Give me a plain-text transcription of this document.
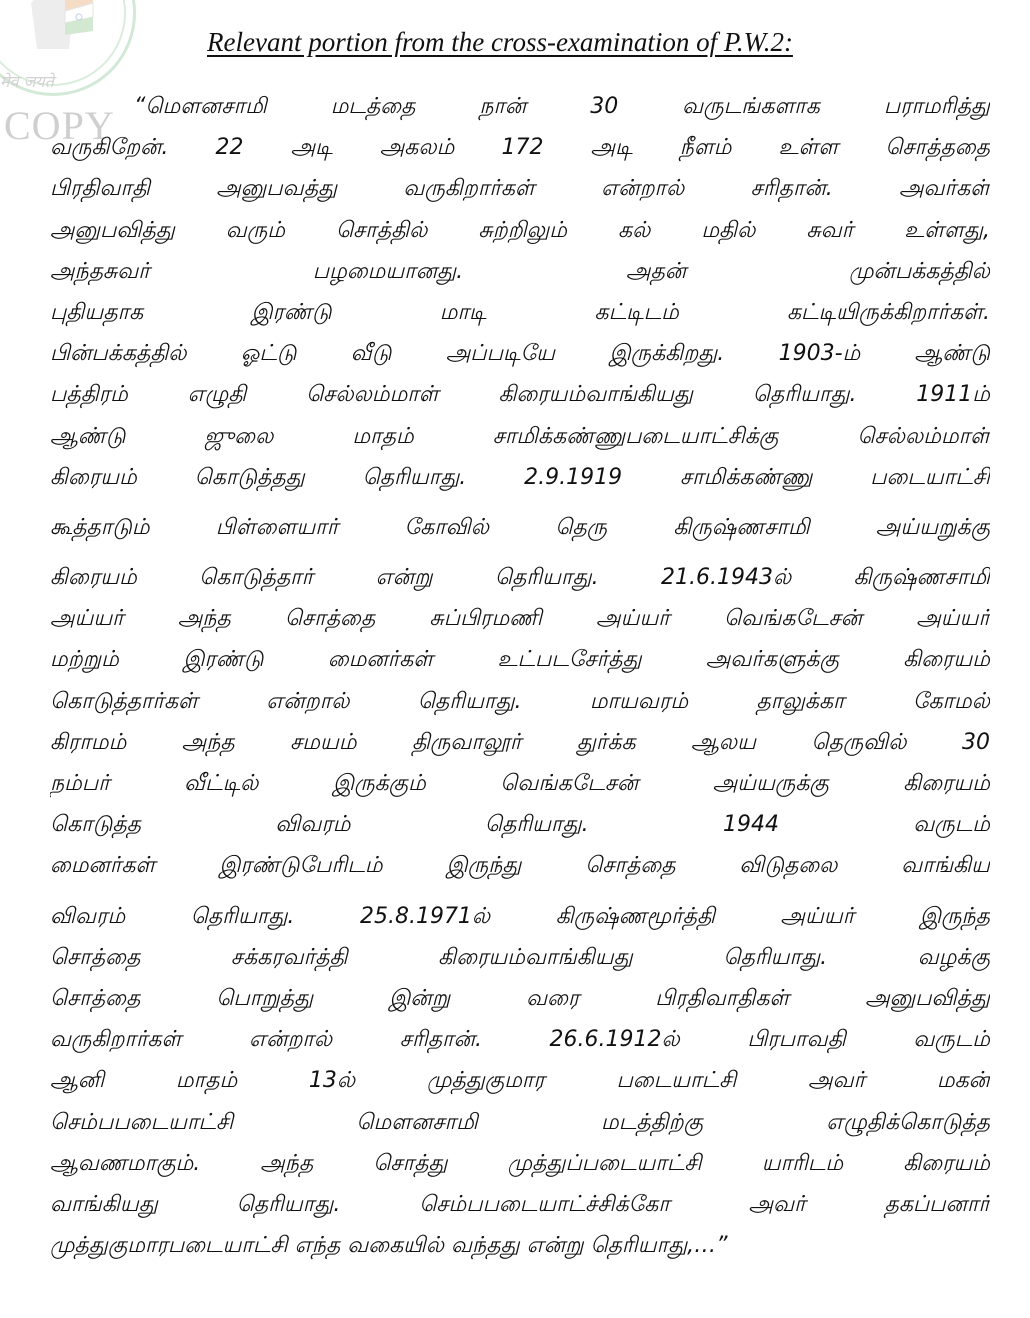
मेव जयते
COPY
Relevant portion from the cross-examination of P.W.2:
“மௌனசாமி மடத்தை நான் 30 வருடங்களாக பராமரித்து
வருகிறேன். 22 அடி அகலம் 172 அடி நீளம் உள்ள சொத்ததை
பிரதிவாதி அனுபவத்து வருகிறார்கள் என்றால் சரிதான். அவர்கள்
அனுபவித்து வரும் சொத்தில் சுற்றிலும் கல் மதில் சுவர் உள்ளது,
அந்தசுவர் பழமையானது. அதன் முன்பக்கத்தில்
புதியதாக இரண்டு மாடி கட்டிடம் கட்டியிருக்கிறார்கள்.
பின்பக்கத்தில் ஓட்டு வீடு அப்படியே இருக்கிறது. 1903-ம் ஆண்டு
பத்திரம் எழுதி செல்லம்மாள் கிரையம்வாங்கியது தெரியாது. 1911ம்
ஆண்டு ஜுலை மாதம் சாமிக்கண்ணுபடையாட்சிக்கு செல்லம்மாள்
கிரையம் கொடுத்தது தெரியாது. 2.9.1919 சாமிக்கண்ணு படையாட்சி
கூத்தாடும் பிள்ளையார் கோவில் தெரு கிருஷ்ணசாமி அய்யறுக்கு
கிரையம் கொடுத்தார் என்று தெரியாது. 21.6.1943ல் கிருஷ்ணசாமி
அய்யர் அந்த சொத்தை சுப்பிரமணி அய்யர் வெங்கடேசன் அய்யர்
மற்றும் இரண்டு மைனர்கள் உட்படசேர்த்து அவர்களுக்கு கிரையம்
கொடுத்தார்கள் என்றால் தெரியாது. மாயவரம் தாலுக்கா கோமல்
கிராமம் அந்த சமயம் திருவாலூர் துர்க்க ஆலய தெருவில் 30
நம்பர் வீட்டில் இருக்கும் வெங்கடேசன் அய்யருக்கு கிரையம்
கொடுத்த விவரம் தெரியாது. 1944 வருடம்
மைனர்கள் இரண்டுபேரிடம் இருந்து சொத்தை விடுதலை வாங்கிய
விவரம் தெரியாது. 25.8.1971ல் கிருஷ்ணமூர்த்தி அய்யர் இருந்த
சொத்தை சக்கரவர்த்தி கிரையம்வாங்கியது தெரியாது. வழக்கு
சொத்தை பொறுத்து இன்று வரை பிரதிவாதிகள் அனுபவித்து
வருகிறார்கள் என்றால் சரிதான். 26.6.1912ல் பிரபாவதி வருடம்
ஆனி மாதம் 13ல் முத்துகுமார படையாட்சி அவர் மகன்
செம்பபடையாட்சி மௌனசாமி மடத்திற்கு எழுதிக்கொடுத்த
ஆவணமாகும். அந்த சொத்து முத்துப்படையாட்சி யாரிடம் கிரையம்
வாங்கியது தெரியாது. செம்பபடையாட்ச்சிக்கோ அவர் தகப்பனார்
முத்துகுமாரபடையாட்சி எந்த வகையில் வந்தது என்று தெரியாது,…”
